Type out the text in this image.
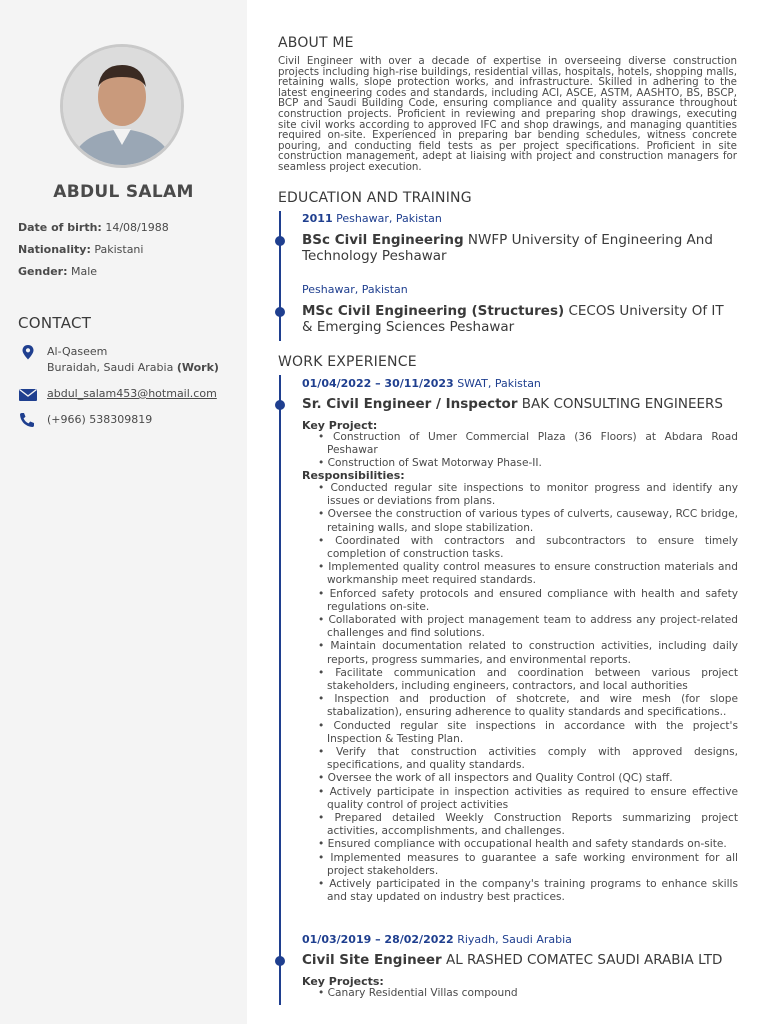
ABDUL SALAM
Date of birth: 14/08/1988
Nationality: Pakistani
Gender: Male
CONTACT
Al-Qaseem
Buraidah, Saudi Arabia (Work)
abdul_salam453@hotmail.com
(+966) 538309819
ABOUT ME
Civil Engineer with over a decade of expertise in overseeing diverse construction projects including high-rise buildings, residential villas, hospitals, hotels, shopping malls, retaining walls, slope protection works, and infrastructure. Skilled in adhering to the latest engineering codes and standards, including ACI, ASCE, ASTM, AASHTO, BS, BSCP, BCP and Saudi Building Code, ensuring compliance and quality assurance throughout construction projects. Proficient in reviewing and preparing shop drawings, executing site civil works according to approved IFC and shop drawings, and managing quantities required on-site. Experienced in preparing bar bending schedules, witness concrete pouring, and conducting field tests as per project specifications. Proficient in site construction management, adept at liaising with project and construction managers for seamless project execution.
EDUCATION AND TRAINING
2011 Peshawar, Pakistan
BSc Civil Engineering NWFP University of Engineering And Technology Peshawar
Peshawar, Pakistan
MSc Civil Engineering (Structures) CECOS University Of IT & Emerging Sciences Peshawar
WORK EXPERIENCE
01/04/2022 – 30/11/2023 SWAT, Pakistan
Sr. Civil Engineer / Inspector BAK CONSULTING ENGINEERS
Key Project:
• Construction of Umer Commercial Plaza (36 Floors) at Abdara Road Peshawar
• Construction of Swat Motorway Phase-II.
Responsibilities:
• Conducted regular site inspections to monitor progress and identify any issues or deviations from plans.
• Oversee the construction of various types of culverts, causeway, RCC bridge, retaining walls, and slope stabilization.
• Coordinated with contractors and subcontractors to ensure timely completion of construction tasks.
• Implemented quality control measures to ensure construction materials and workmanship meet required standards.
• Enforced safety protocols and ensured compliance with health and safety regulations on-site.
• Collaborated with project management team to address any project-related challenges and find solutions.
• Maintain documentation related to construction activities, including daily reports, progress summaries, and environmental reports.
• Facilitate communication and coordination between various project stakeholders, including engineers, contractors, and local authorities
• Inspection and production of shotcrete, and wire mesh (for slope stabalization), ensuring adherence to quality standards and specifications..
• Conducted regular site inspections in accordance with the project's Inspection & Testing Plan.
• Verify that construction activities comply with approved designs, specifications, and quality standards.
• Oversee the work of all inspectors and Quality Control (QC) staff.
• Actively participate in inspection activities as required to ensure effective quality control of project activities
• Prepared detailed Weekly Construction Reports summarizing project activities, accomplishments, and challenges.
• Ensured compliance with occupational health and safety standards on-site.
• Implemented measures to guarantee a safe working environment for all project stakeholders.
• Actively participated in the company's training programs to enhance skills and stay updated on industry best practices.
01/03/2019 – 28/02/2022 Riyadh, Saudi Arabia
Civil Site Engineer AL RASHED COMATEC SAUDI ARABIA LTD
Key Projects:
• Canary Residential Villas compound
